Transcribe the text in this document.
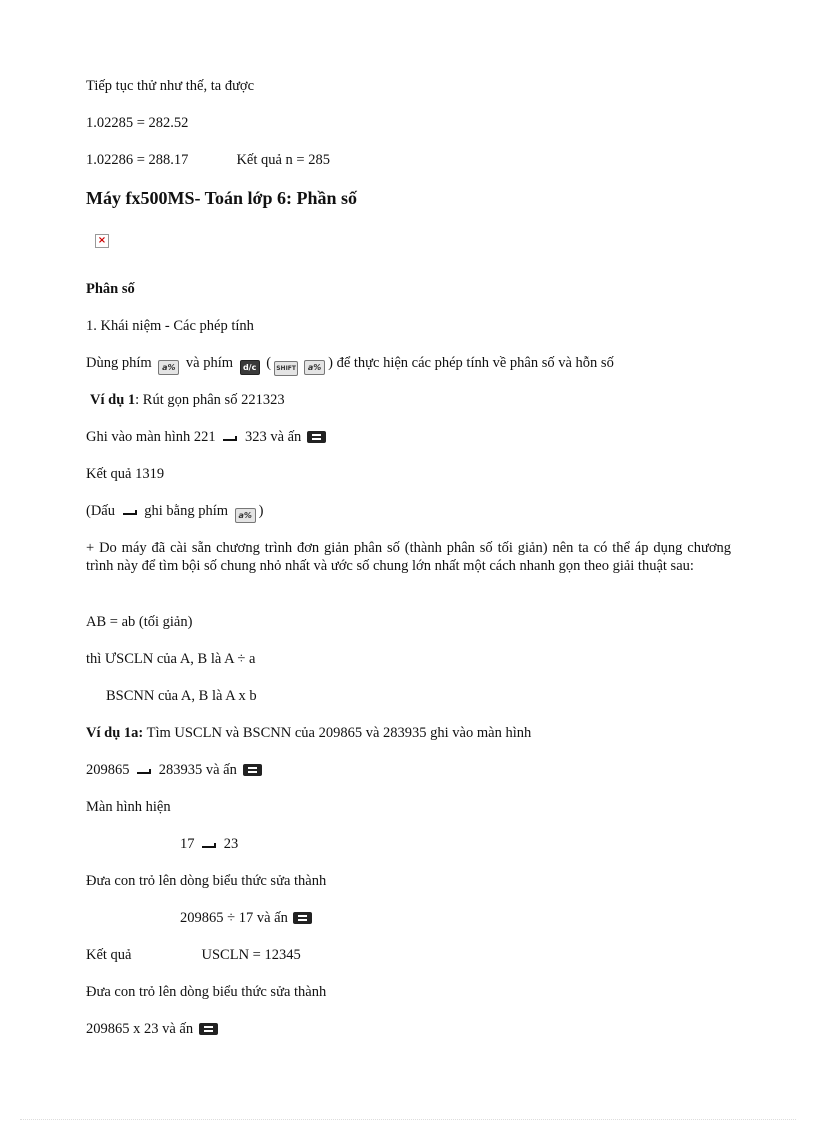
Tiếp tục thử như thế, ta được
1.02285 = 282.52
1.02286 = 288.17	Kết quả n = 285
Máy fx500MS- Toán lớp 6: Phần số
×
Phân số
1. Khái niệm - Các phép tính
Dùng phím a% và phím d/c ( SHIFT a% ) để thực hiện các phép tính về phân số và hỗn số
Ví dụ 1: Rút gọn phân số 221323
Ghi vào màn hình 221 323 và ấn
Kết quả 1319
(Dấu ghi bằng phím a% )
+ Do máy đã cài sẵn chương trình đơn giản phân số (thành phân số tối giản) nên ta có thể áp dụng chương trình này để tìm bội số chung nhỏ nhất và ước số chung lớn nhất một cách nhanh gọn theo giải thuật sau:
AB = ab (tối giản)
thì ƯSCLN của A, B là A ÷ a
BSCNN của A, B là A x b
Ví dụ 1a: Tìm USCLN và BSCNN của 209865 và 283935 ghi vào màn hình
209865 283935 và ấn
Màn hình hiện
17 23
Đưa con trỏ lên dòng biểu thức sửa thành
209865 ÷ 17 và ấn
Kết quả	USCLN = 12345
Đưa con trỏ lên dòng biểu thức sửa thành
209865 x 23 và ấn
